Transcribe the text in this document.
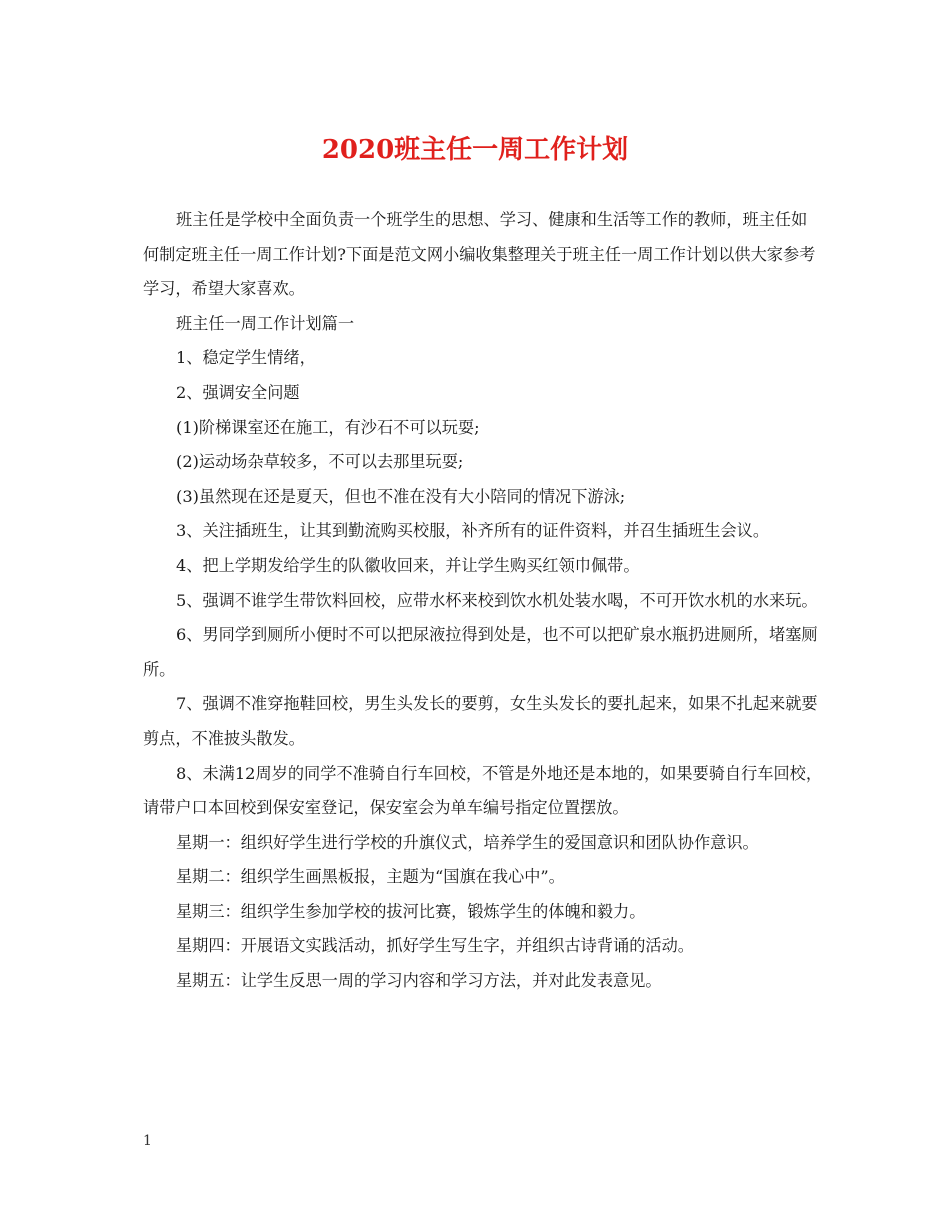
2020班主任一周工作计划

班主任是学校中全面负责一个班学生的思想、学习、健康和生活等工作的教师，班主任如何制定班主任一周工作计划?下面是范文网小编收集整理关于班主任一周工作计划以供大家参考学习，希望大家喜欢。

班主任一周工作计划篇一

1、稳定学生情绪，

2、强调安全问题

(1)阶梯课室还在施工，有沙石不可以玩耍;

(2)运动场杂草较多，不可以去那里玩耍;

(3)虽然现在还是夏天，但也不准在没有大小陪同的情况下游泳;

3、关注插班生，让其到勤流购买校服，补齐所有的证件资料，并召生插班生会议。

4、把上学期发给学生的队徽收回来，并让学生购买红领巾佩带。

5、强调不谁学生带饮料回校，应带水杯来校到饮水机处装水喝，不可开饮水机的水来玩。

6、男同学到厕所小便时不可以把尿液拉得到处是，也不可以把矿泉水瓶扔进厕所，堵塞厕所。

7、强调不准穿拖鞋回校，男生头发长的要剪，女生头发长的要扎起来，如果不扎起来就要剪点，不准披头散发。

8、未满12周岁的同学不准骑自行车回校，不管是外地还是本地的，如果要骑自行车回校，请带户口本回校到保安室登记，保安室会为单车编号指定位置摆放。

星期一：组织好学生进行学校的升旗仪式，培养学生的爱国意识和团队协作意识。

星期二：组织学生画黑板报，主题为“国旗在我心中”。

星期三：组织学生参加学校的拔河比赛，锻炼学生的体魄和毅力。

星期四：开展语文实践活动，抓好学生写生字，并组织古诗背诵的活动。

星期五：让学生反思一周的学习内容和学习方法，并对此发表意见。

1
